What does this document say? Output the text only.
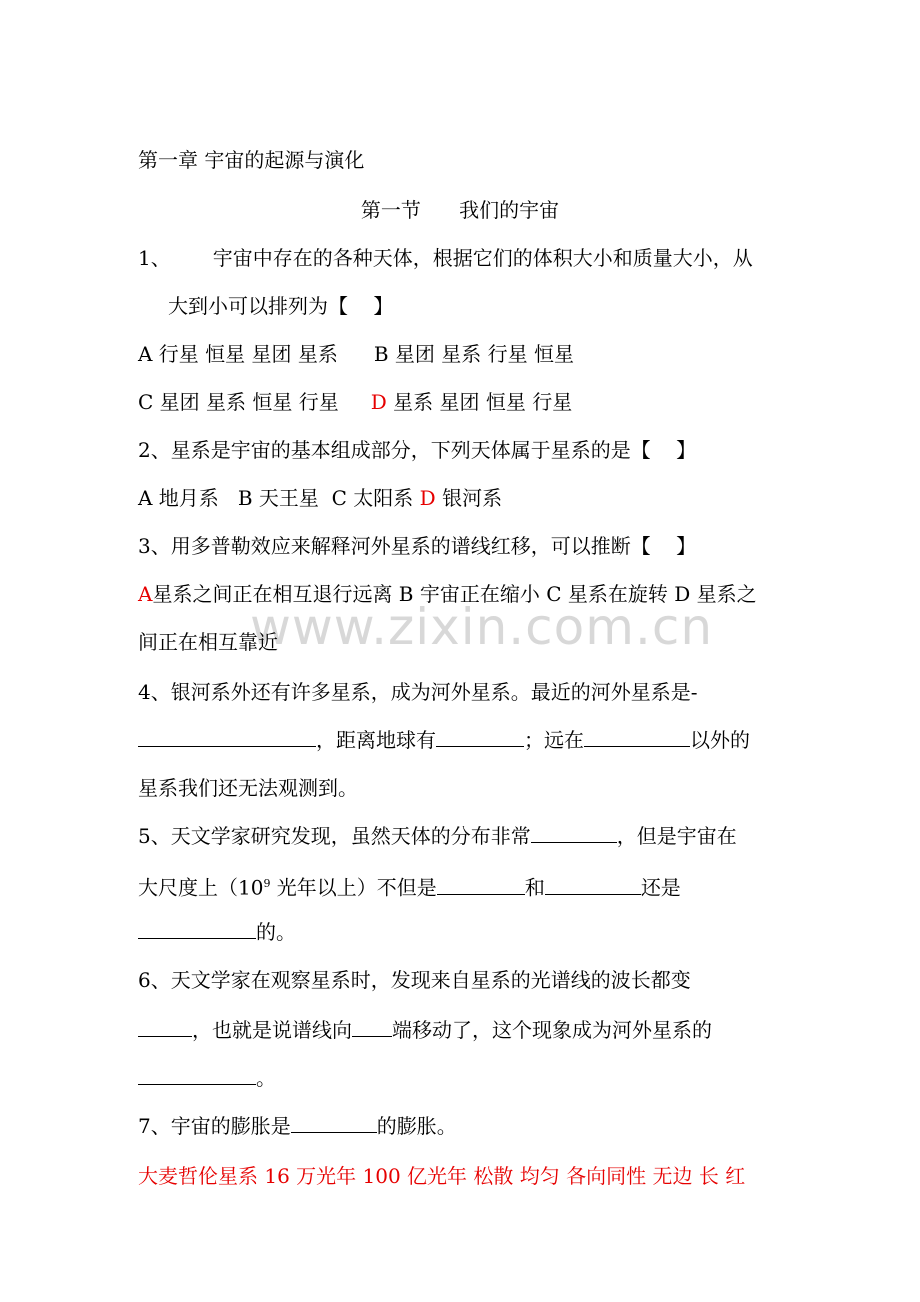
www.zixin.com.cn
第一章 宇宙的起源与演化
第一节      我们的宇宙
1、 宇宙中存在的各种天体，根据它们的体积大小和质量大小，从
大到小可以排列为【    】
A 行星 恒星 星团 星系 B 星团 星系 行星 恒星
C 星团 星系 恒星 行星 D 星系 星团 恒星 行星
2、星系是宇宙的基本组成部分，下列天体属于星系的是【    】
A 地月系   B 天王星  C 太阳系 D 银河系
3、用多普勒效应来解释河外星系的谱线红移，可以推断【    】
A星系之间正在相互退行远离 B 宇宙正在缩小 C 星系在旋转 D 星系之
间正在相互靠近
4、银河系外还有许多星系，成为河外星系。最近的河外星系是-
，距离地球有	；远在	以外的
星系我们还无法观测到。
5、天文学家研究发现，虽然天体的分布非常	，但是宇宙在
大尺度上（$10^9$ 光年以上）不但是	和	还是
的。
6、天文学家在观察星系时，发现来自星系的光谱线的波长都变
，也就是说谱线向 端移动了，这个现象成为河外星系的
。
7、宇宙的膨胀是	的膨胀。
大麦哲伦星系 16 万光年 100 亿光年 松散 均匀 各向同性 无边 长 红
